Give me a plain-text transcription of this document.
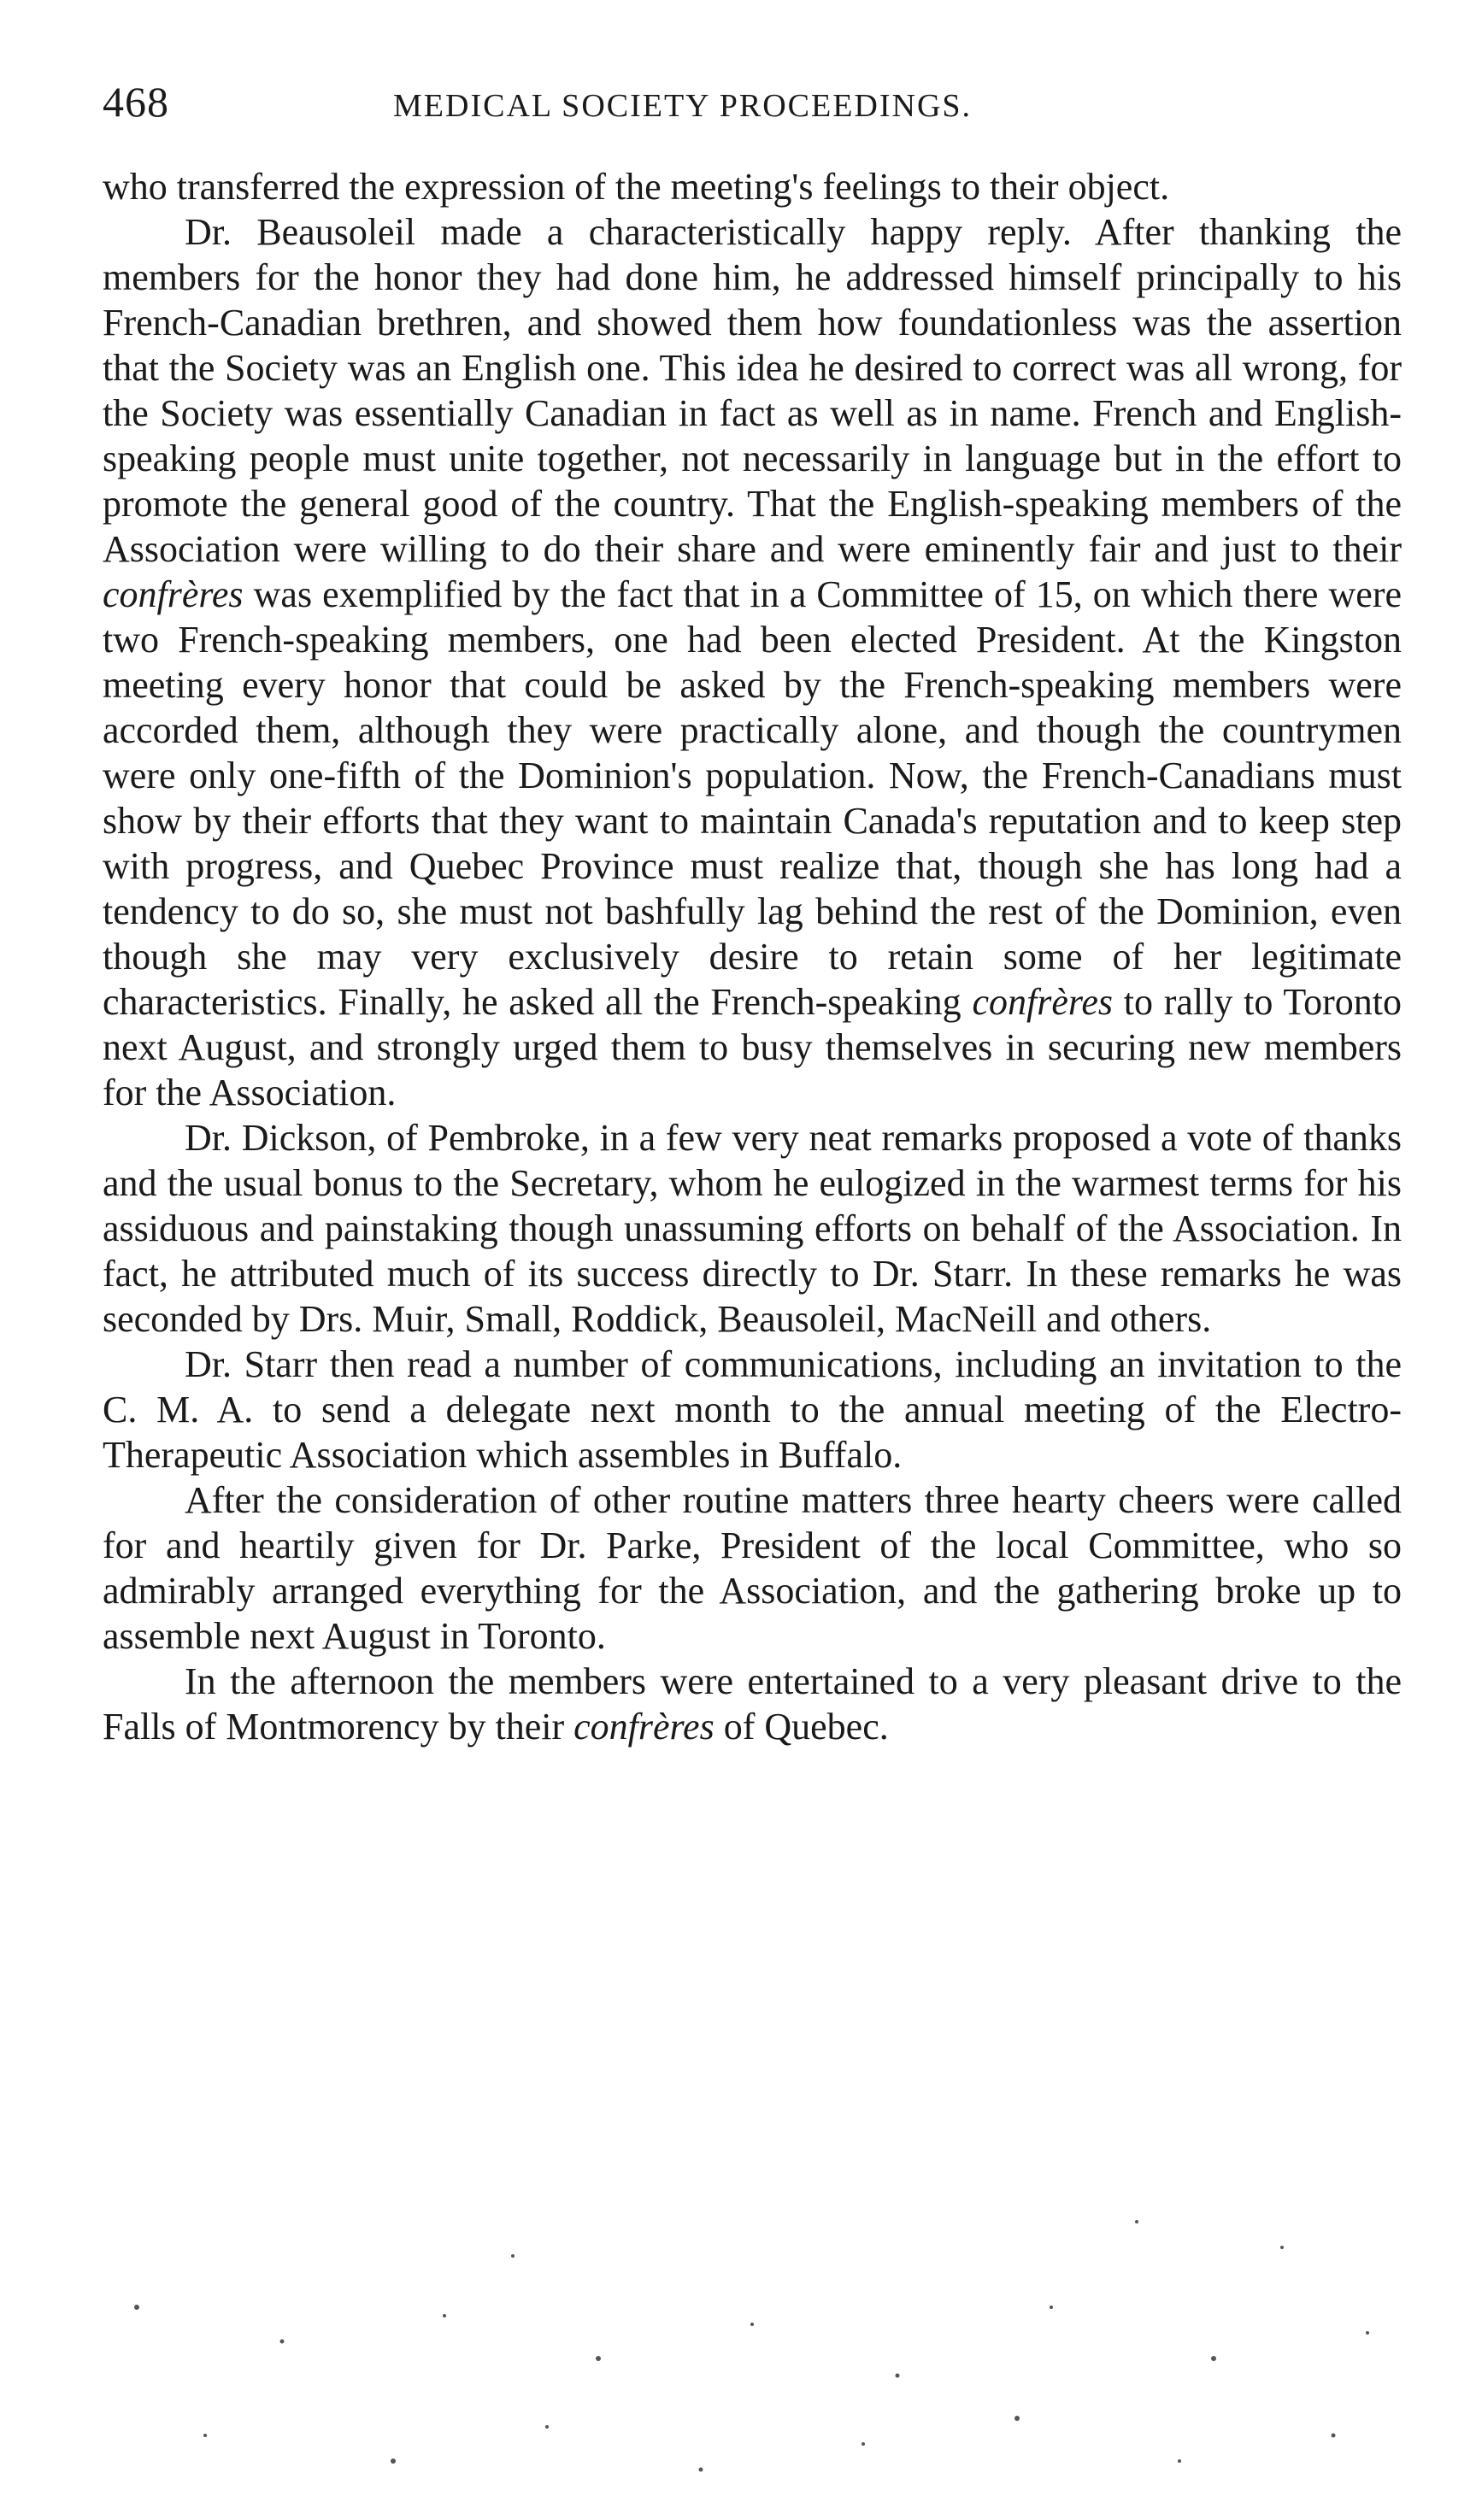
468	MEDICAL SOCIETY PROCEEDINGS.

who transferred the expression of the meeting's feelings to their object.

Dr. Beausoleil made a characteristically happy reply. After thanking the members for the honor they had done him, he addressed himself principally to his French-Canadian brethren, and showed them how foundationless was the assertion that the Society was an English one. This idea he desired to correct was all wrong, for the Society was essentially Canadian in fact as well as in name. French and English-speaking people must unite together, not necessarily in language but in the effort to promote the general good of the country. That the English-speaking members of the Association were willing to do their share and were eminently fair and just to their confrères was exemplified by the fact that in a Committee of 15, on which there were two French-speaking members, one had been elected President. At the Kingston meeting every honor that could be asked by the French-speaking members were accorded them, although they were practically alone, and though the countrymen were only one-fifth of the Dominion's population. Now, the French-Canadians must show by their efforts that they want to maintain Canada's reputation and to keep step with progress, and Quebec Province must realize that, though she has long had a tendency to do so, she must not bashfully lag behind the rest of the Dominion, even though she may very exclusively desire to retain some of her legitimate characteristics. Finally, he asked all the French-speaking confrères to rally to Toronto next August, and strongly urged them to busy themselves in securing new members for the Association.

Dr. Dickson, of Pembroke, in a few very neat remarks proposed a vote of thanks and the usual bonus to the Secretary, whom he eulogized in the warmest terms for his assiduous and painstaking though unassuming efforts on behalf of the Association. In fact, he attributed much of its success directly to Dr. Starr. In these remarks he was seconded by Drs. Muir, Small, Roddick, Beausoleil, MacNeill and others.

Dr. Starr then read a number of communications, including an invitation to the C. M. A. to send a delegate next month to the annual meeting of the Electro-Therapeutic Association which assembles in Buffalo.

After the consideration of other routine matters three hearty cheers were called for and heartily given for Dr. Parke, President of the local Committee, who so admirably arranged everything for the Association, and the gathering broke up to assemble next August in Toronto.

In the afternoon the members were entertained to a very pleasant drive to the Falls of Montmorency by their confrères of Quebec.
